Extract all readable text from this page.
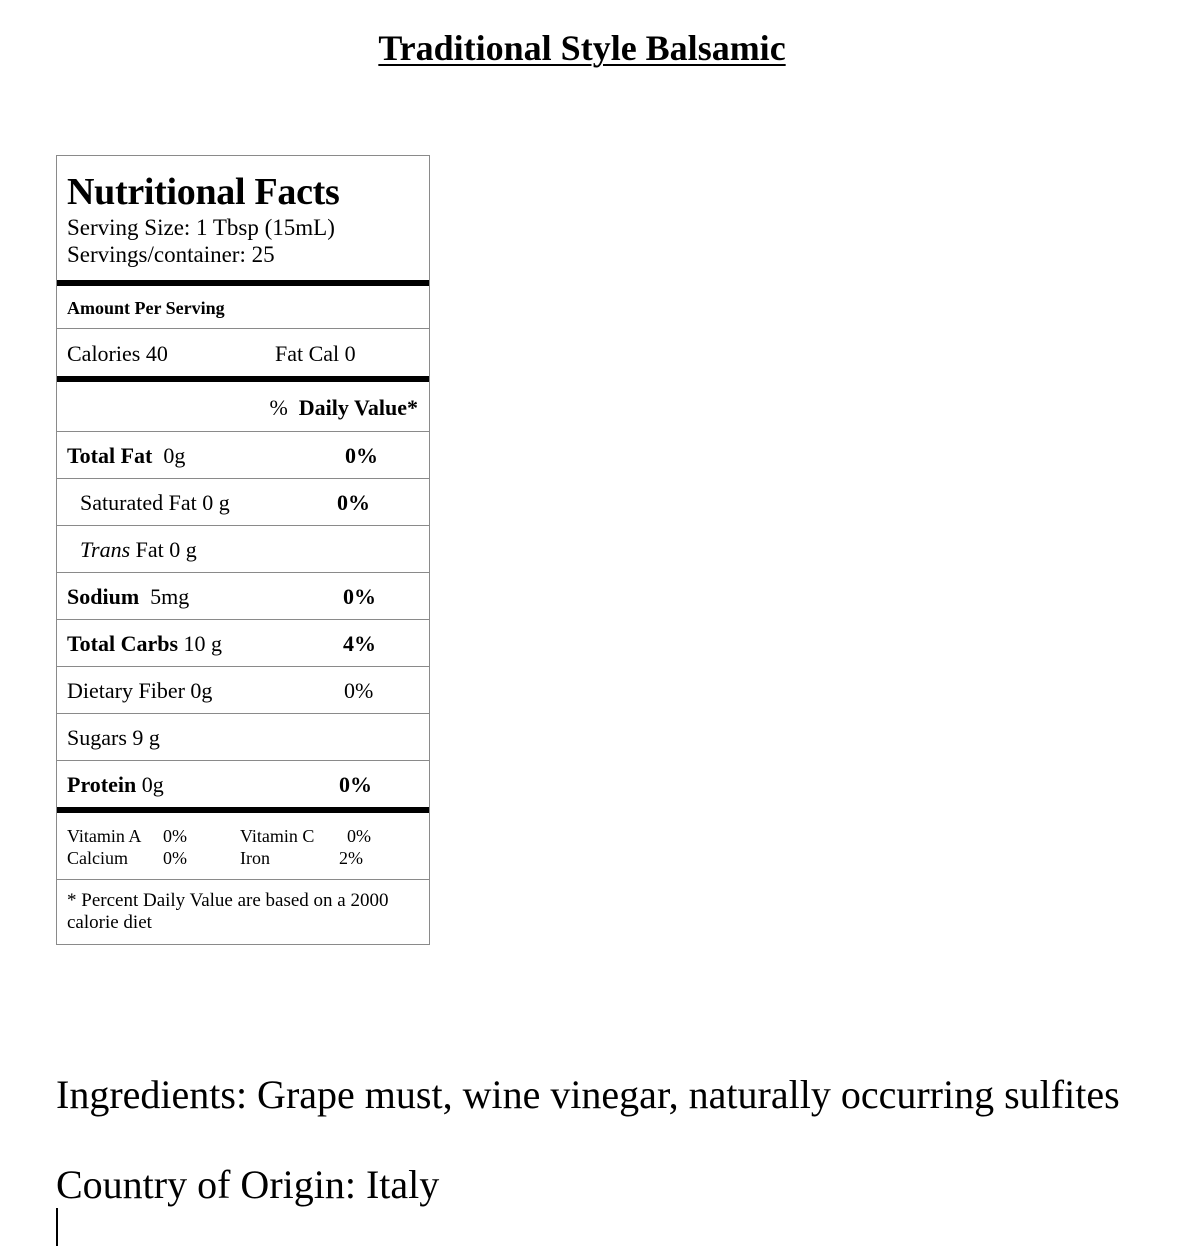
Traditional Style Balsamic
Nutritional Facts
Serving Size: 1 Tbsp (15mL)
Servings/container: 25
Amount Per Serving
Calories 40	Fat Cal 0
% Daily Value*
Total Fat 0g	0%
Saturated Fat 0 g	0%
Trans Fat 0 g
Sodium 5mg	0%
Total Carbs 10 g	4%
Dietary Fiber 0g	0%
Sugars 9 g
Protein 0g	0%
Vitamin A 0%	Vitamin C 0%
Calcium 0%	Iron	2%
* Percent Daily Value are based on a 2000 calorie diet
Ingredients: Grape must, wine vinegar, naturally occurring sulfites
Country of Origin: Italy
